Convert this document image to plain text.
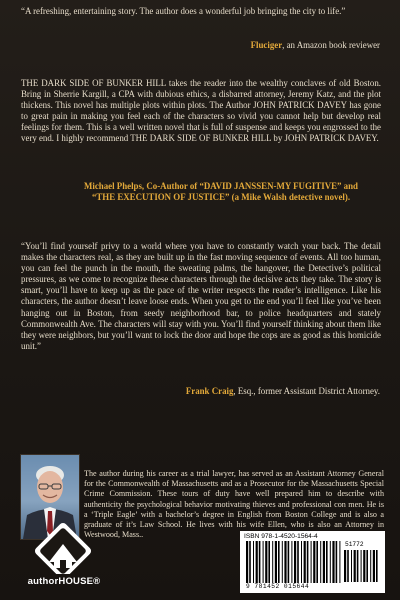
“A refreshing, entertaining story. The author does a wonderful job bringing the city to life.”

Fluciger, an Amazon book reviewer

THE DARK SIDE OF BUNKER HILL takes the reader into the wealthy conclaves of old Boston. Bring in Sherrie Kargill, a CPA with dubious ethics, a disbarred attorney, Jeremy Katz, and the plot thickens. This novel has multiple plots within plots. The Author JOHN PATRICK DAVEY has gone to great pain in making you feel each of the characters so vivid you cannot help but develop real feelings for them. This is a well written novel that is full of suspense and keeps you engrossed to the very end. I highly recommend THE DARK SIDE OF BUNKER HILL by JOHN PATRICK DAVEY.

Michael Phelps, Co-Author of “DAVID JANSSEN-MY FUGITIVE” and
“THE EXECUTION OF JUSTICE” (a Mike Walsh detective novel).

“You’ll find yourself privy to a world where you have to constantly watch your back. The detail makes the characters real, as they are built up in the fast moving sequence of events. All too human, you can feel the punch in the mouth, the sweating palms, the hangover, the Detective’s political pressures, as we come to recognize these characters through the decisive acts they take. The story is smart, you’ll have to keep up as the pace of the writer respects the reader’s intelligence. Like his characters, the author doesn’t leave loose ends. When you get to the end you’ll feel like you’ve been hanging out in Boston, from seedy neighborhood bar, to police headquarters and stately Commonwealth Ave. The characters will stay with you. You’ll find yourself thinking about them like they were neighbors, but you’ll want to lock the door and hope the cops are as good as this homicide unit.”

Frank Craig, Esq., former Assistant District Attorney.

The author during his career as a trial lawyer, has served as an Assistant Attorney General for the Commonwealth of Massachusetts and as a Prosecutor for the Massachusetts Special Crime Commission. These tours of duty have well prepared him to describe with authenticity the psychological behavior motivating thieves and professional con men. He is a ‘Triple Eagle’ with a bachelor’s degree in English from Boston College and is also a graduate of it’s Law School. He lives with his wife Ellen, who is also an Attorney in Westwood, Mass..

authorHOUSE®
ISBN 978-1-4520-1564-4
51772
9 781452 015644
